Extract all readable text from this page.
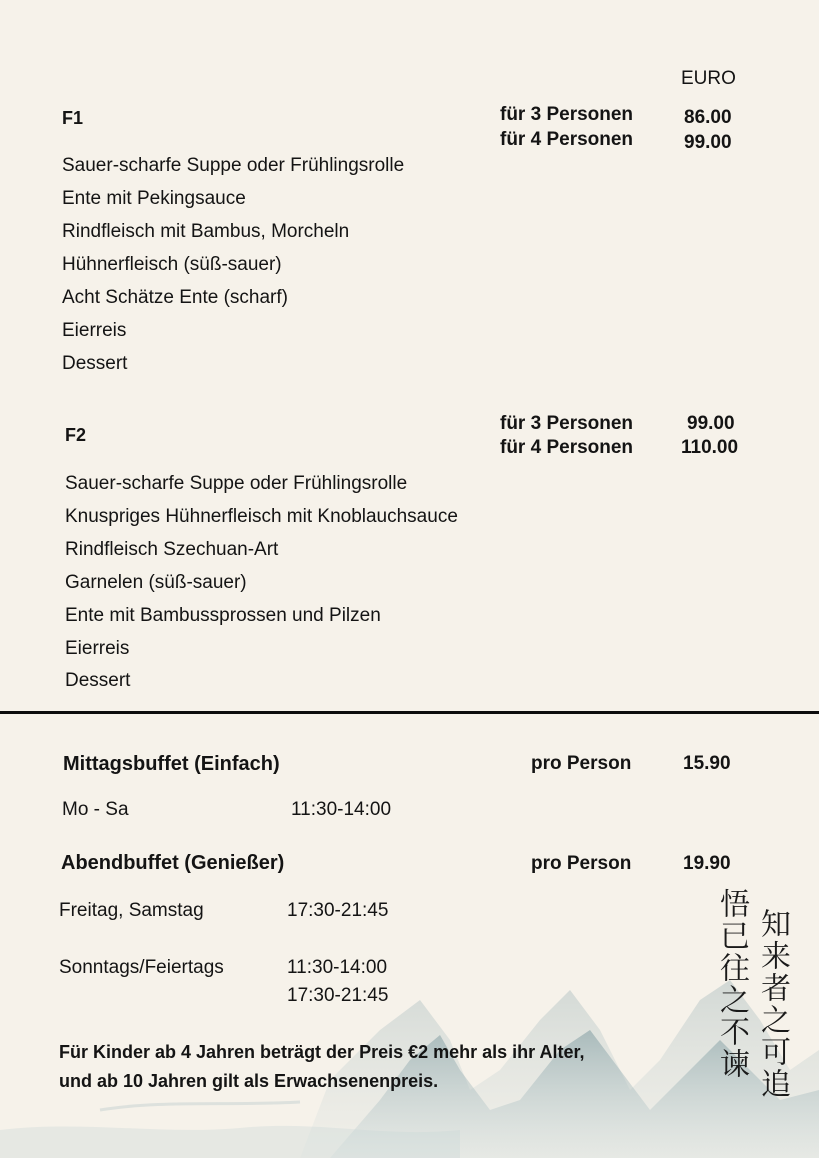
EURO
F1	für 3 Personen	86.00
für 4 Personen	99.00
Sauer-scharfe Suppe oder Frühlingsrolle
Ente mit Pekingsauce
Rindfleisch mit Bambus, Morcheln
Hühnerfleisch (süß-sauer)
Acht Schätze Ente (scharf)
Eierreis
Dessert
F2
für 3 Personen	99.00
für 4 Personen	110.00
Sauer-scharfe Suppe oder Frühlingsrolle
Knuspriges Hühnerfleisch mit Knoblauchsauce
Rindfleisch Szechuan-Art
Garnelen (süß-sauer)
Ente mit Bambussprossen und Pilzen
Eierreis
Dessert
Mittagsbuffet (Einfach)	pro Person	15.90
Mo - Sa	11:30-14:00
Abendbuffet (Genießer)	pro Person	19.90
Freitag, Samstag	17:30-21:45
Sonntags/Feiertags	11:30-14:00
17:30-21:45
Für Kinder ab 4 Jahren beträgt der Preis €2 mehr als ihr Alter,
und ab 10 Jahren gilt als Erwachsenenpreis.	知来者之可追
悟已往之不谏
